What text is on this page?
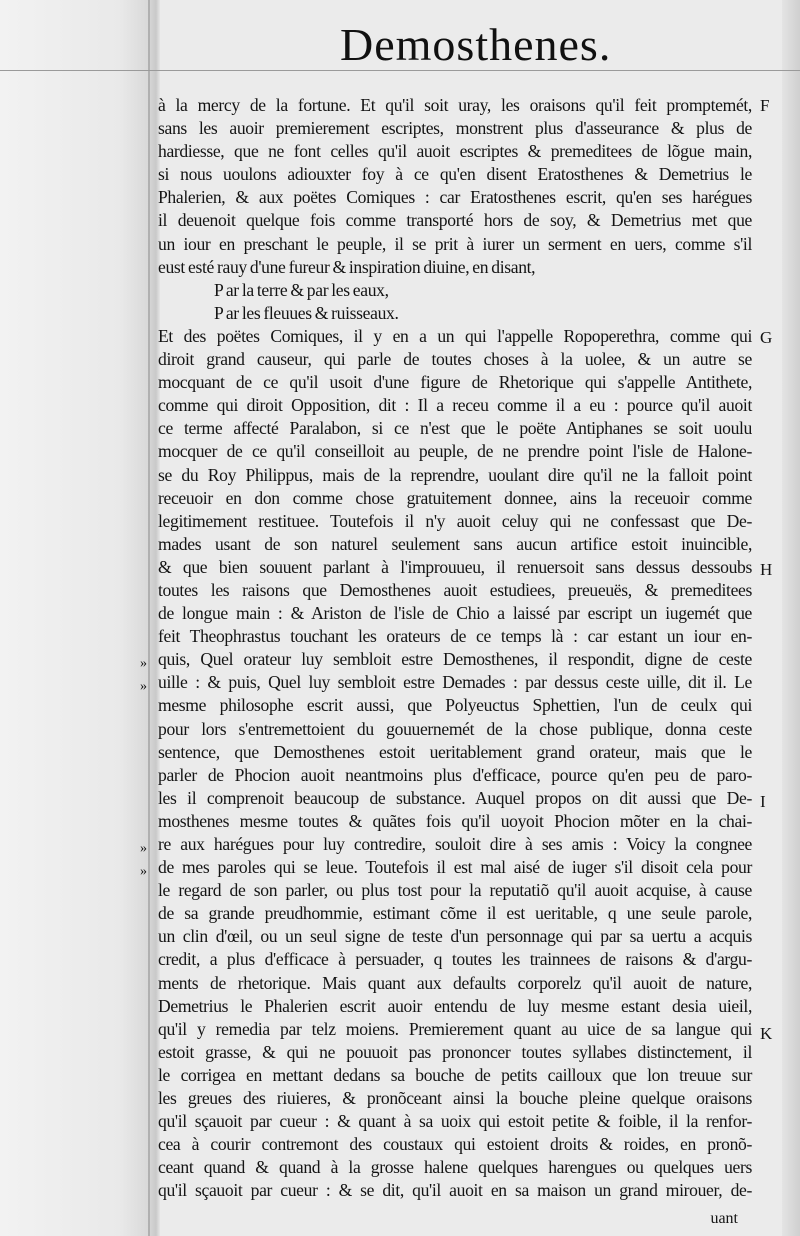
Demosthenes.
à la mercy de la fortune. Et qu'il soit uray, les oraisons qu'il feit promptemét,
sans les auoir premierement escriptes, monstrent plus d'asseurance & plus de
hardiesse, que ne font celles qu'il auoit escriptes & premeditees de lõgue main,
si nous uoulons adiouxter foy à ce qu'en disent Eratosthenes & Demetrius le
Phalerien, & aux poëtes Comiques : car Eratosthenes escrit, qu'en ses harégues
il deuenoit quelque fois comme transporté hors de soy, & Demetrius met que
un iour en preschant le peuple, il se prit à iurer un serment en uers, comme s'il
eust esté rauy d'une fureur & inspiration diuine, en disant,
P ar la terre & par les eaux,
P ar les fleuues & ruisseaux.
Et des poëtes Comiques, il y en a un qui l'appelle Ropoperethra, comme qui
diroit grand causeur, qui parle de toutes choses à la uolee, & un autre se
mocquant de ce qu'il usoit d'une figure de Rhetorique qui s'appelle Antithete,
comme qui diroit Opposition, dit : Il a receu comme il a eu : pource qu'il auoit
ce terme affecté Paralabon, si ce n'est que le poëte Antiphanes se soit uoulu
mocquer de ce qu'il conseilloit au peuple, de ne prendre point l'isle de Halone-
se du Roy Philippus, mais de la reprendre, uoulant dire qu'il ne la falloit point
receuoir en don comme chose gratuitement donnee, ains la receuoir comme
legitimement restituee. Toutefois il n'y auoit celuy qui ne confessast que De-
mades usant de son naturel seulement sans aucun artifice estoit inuincible,
& que bien souuent parlant à l'improuueu, il renuersoit sans dessus dessoubs
toutes les raisons que Demosthenes auoit estudiees, preueuës, & premeditees
de longue main : & Ariston de l'isle de Chio a laissé par escript un iugemét que
feit Theophrastus touchant les orateurs de ce temps là : car estant un iour en-
quis, Quel orateur luy sembloit estre Demosthenes, il respondit, digne de ceste
uille : & puis, Quel luy sembloit estre Demades : par dessus ceste uille, dit il. Le
mesme philosophe escrit aussi, que Polyeuctus Sphettien, l'un de ceulx qui
pour lors s'entremettoient du gouuernemét de la chose publique, donna ceste
sentence, que Demosthenes estoit ueritablement grand orateur, mais que le
parler de Phocion auoit neantmoins plus d'efficace, pource qu'en peu de paro-
les il comprenoit beaucoup de substance. Auquel propos on dit aussi que De-
mosthenes mesme toutes & quãtes fois qu'il uoyoit Phocion mõter en la chai-
re aux harégues pour luy contredire, souloit dire à ses amis : Voicy la congnee
de mes paroles qui se leue. Toutefois il est mal aisé de iuger s'il disoit cela pour
le regard de son parler, ou plus tost pour la reputatiõ qu'il auoit acquise, à cause
de sa grande preudhommie, estimant cõme il est ueritable, q une seule parole,
un clin d'œil, ou un seul signe de teste d'un personnage qui par sa uertu a acquis
credit, a plus d'efficace à persuader, q toutes les trainnees de raisons & d'argu-
ments de rhetorique. Mais quant aux defaults corporelz qu'il auoit de nature,
Demetrius le Phalerien escrit auoir entendu de luy mesme estant desia uieil,
qu'il y remedia par telz moiens. Premierement quant au uice de sa langue qui
estoit grasse, & qui ne pouuoit pas prononcer toutes syllabes distinctement, il
le corrigea en mettant dedans sa bouche de petits cailloux que lon treuue sur
les greues des riuieres, & pronõceant ainsi la bouche pleine quelque oraisons
qu'il sçauoit par cueur : & quant à sa uoix qui estoit petite & foible, il la renfor-
cea à courir contremont des coustaux qui estoient droits & roides, en pronõ-
ceant quand & quand à la grosse halene quelques harengues ou quelques uers
qu'il sçauoit par cueur : & se dit, qu'il auoit en sa maison un grand mirouer, de-
F
G
H
I
K
»
»
»
»
uant
